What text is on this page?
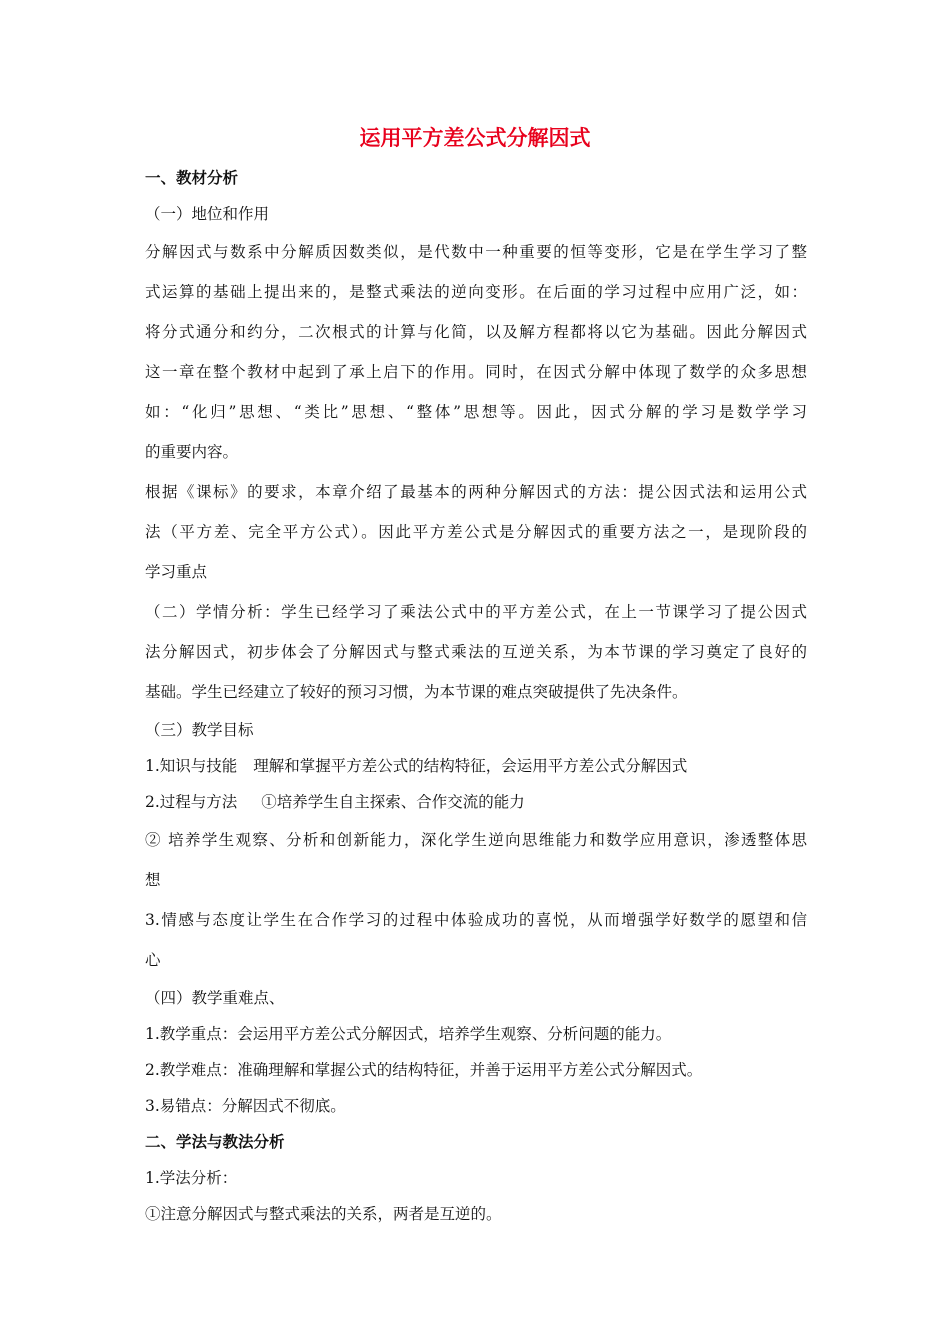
运用平方差公式分解因式

一、教材分析

（一）地位和作用

分解因式与数系中分解质因数类似，是代数中一种重要的恒等变形，它是在学生学习了整

式运算的基础上提出来的，是整式乘法的逆向变形。在后面的学习过程中应用广泛，如：

将分式通分和约分，二次根式的计算与化简，以及解方程都将以它为基础。因此分解因式

这一章在整个教材中起到了承上启下的作用。同时，在因式分解中体现了数学的众多思想

如：“化归”思想、“类比”思想、“整体”思想等。因此，因式分解的学习是数学学习

的重要内容。

根据《课标》的要求，本章介绍了最基本的两种分解因式的方法：提公因式法和运用公式

法（平方差、完全平方公式）。因此平方差公式是分解因式的重要方法之一，是现阶段的

学习重点

（二）学情分析：学生已经学习了乘法公式中的平方差公式，在上一节课学习了提公因式

法分解因式，初步体会了分解因式与整式乘法的互逆关系，为本节课的学习奠定了良好的

基础。学生已经建立了较好的预习习惯，为本节课的难点突破提供了先决条件。

（三）教学目标

1.知识与技能 理解和掌握平方差公式的结构特征，会运用平方差公式分解因式

2.过程与方法 ①培养学生自主探索、合作交流的能力

② 培养学生观察、分析和创新能力，深化学生逆向思维能力和数学应用意识，渗透整体思

想

3.情感与态度让学生在合作学习的过程中体验成功的喜悦，从而增强学好数学的愿望和信

心

（四）教学重难点、

1.教学重点：会运用平方差公式分解因式，培养学生观察、分析问题的能力。

2.教学难点：准确理解和掌握公式的结构特征，并善于运用平方差公式分解因式。

3.易错点：分解因式不彻底。

二、学法与教法分析

1.学法分析：

①注意分解因式与整式乘法的关系，两者是互逆的。
